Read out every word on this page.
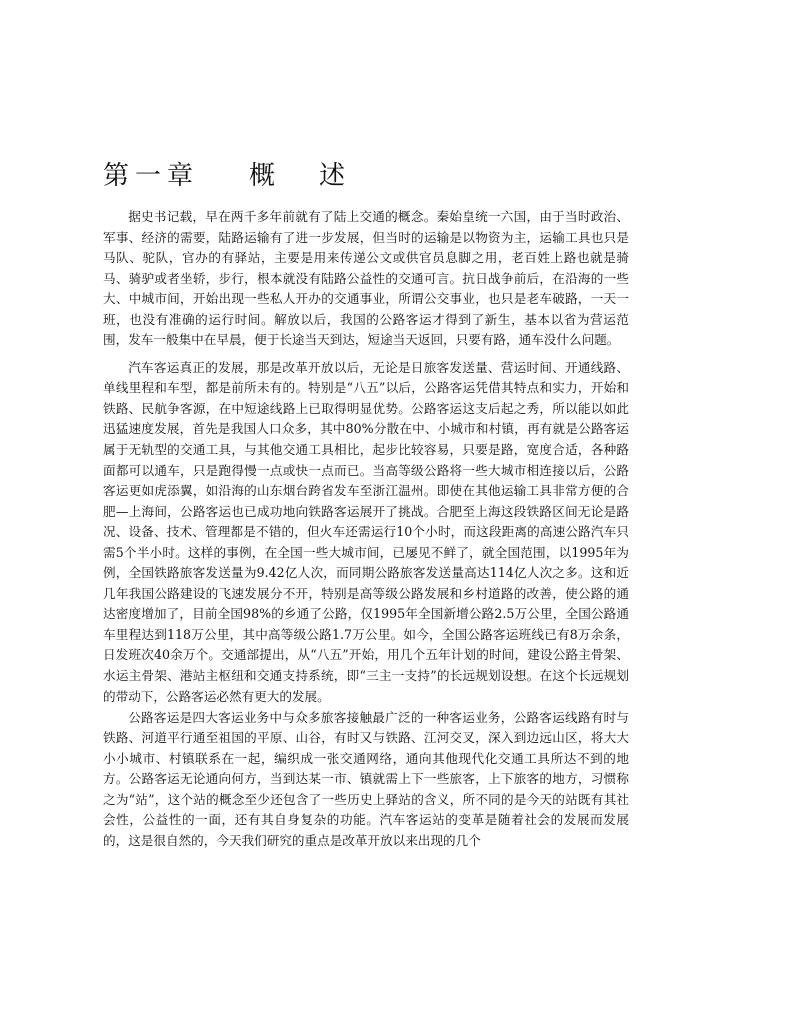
第一章 概述

据史书记载，早在两千多年前就有了陆上交通的概念。秦始皇统一六国，由于当时政治、军事、经济的需要，陆路运输有了进一步发展，但当时的运输是以物资为主，运输工具也只是马队、驼队，官办的有驿站，主要是用来传递公文或供官员息脚之用，老百姓上路也就是骑马、骑驴或者坐轿，步行，根本就没有陆路公益性的交通可言。抗日战争前后，在沿海的一些大、中城市间，开始出现一些私人开办的交通事业，所谓公交事业，也只是老车破路，一天一班，也没有准确的运行时间。解放以后，我国的公路客运才得到了新生，基本以省为营运范围，发车一般集中在早晨，便于长途当天到达，短途当天返回，只要有路，通车没什么问题。

汽车客运真正的发展，那是改革开放以后，无论是日旅客发送量、营运时间、开通线路、单线里程和车型，都是前所未有的。特别是“八五”以后，公路客运凭借其特点和实力，开始和铁路、民航争客源，在中短途线路上已取得明显优势。公路客运这支后起之秀，所以能以如此迅猛速度发展，首先是我国人口众多，其中80%分散在中、小城市和村镇，再有就是公路客运属于无轨型的交通工具，与其他交通工具相比，起步比较容易，只要是路，宽度合适，各种路面都可以通车，只是跑得慢一点或快一点而已。当高等级公路将一些大城市相连接以后，公路客运更如虎添翼，如沿海的山东烟台跨省发车至浙江温州。即使在其他运输工具非常方便的合肥—上海间，公路客运也已成功地向铁路客运展开了挑战。合肥至上海这段铁路区间无论是路况、设备、技术、管理都是不错的，但火车还需运行10个小时，而这段距离的高速公路汽车只需5个半小时。这样的事例，在全国一些大城市间，已屡见不鲜了，就全国范围，以1995年为例，全国铁路旅客发送量为9.42亿人次，而同期公路旅客发送量高达114亿人次之多。这和近几年我国公路建设的飞速发展分不开，特别是高等级公路发展和乡村道路的改善，使公路的通达密度增加了，目前全国98%的乡通了公路，仅1995年全国新增公路2.5万公里，全国公路通车里程达到118万公里，其中高等级公路1.7万公里。如今，全国公路客运班线已有8万余条，日发班次40余万个。交通部提出，从“八五”开始，用几个五年计划的时间，建设公路主骨架、水运主骨架、港站主枢纽和交通支持系统，即“三主一支持”的长远规划设想。在这个长远规划的带动下，公路客运必然有更大的发展。

公路客运是四大客运业务中与众多旅客接触最广泛的一种客运业务，公路客运线路有时与铁路、河道平行通至祖国的平原、山谷，有时又与铁路、江河交叉，深入到边远山区，将大大小小城市、村镇联系在一起，编织成一张交通网络，通向其他现代化交通工具所达不到的地方。公路客运无论通向何方，当到达某一市、镇就需上下一些旅客，上下旅客的地方，习惯称之为“站”，这个站的概念至少还包含了一些历史上驿站的含义，所不同的是今天的站既有其社会性，公益性的一面，还有其自身复杂的功能。汽车客运站的变革是随着社会的发展而发展的，这是很自然的，今天我们研究的重点是改革开放以来出现的几个
